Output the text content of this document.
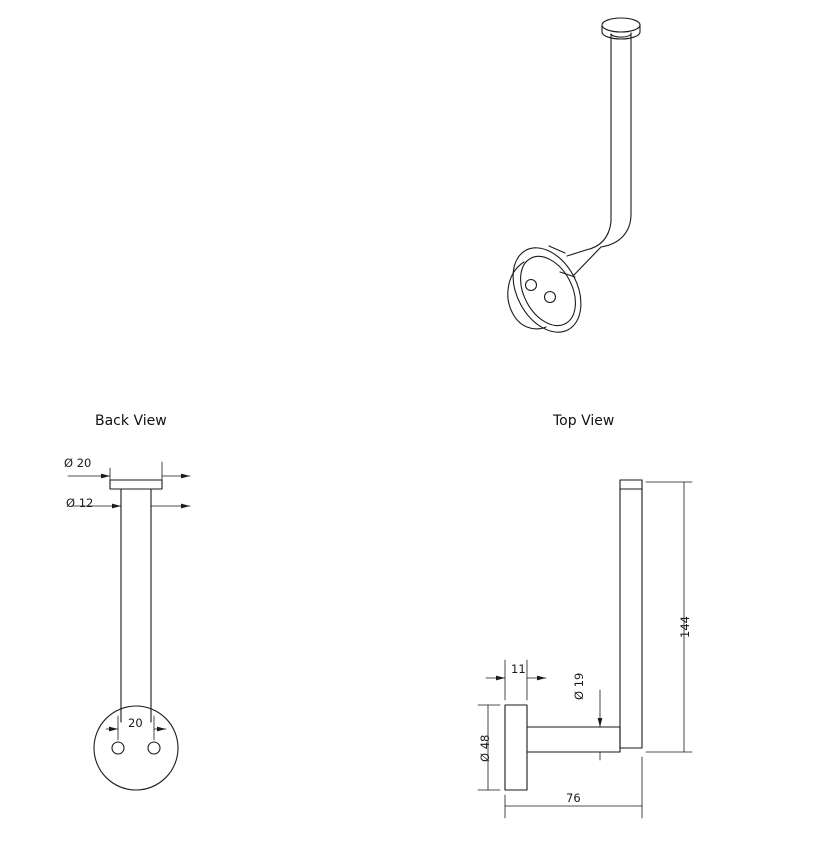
Back View	Top View
Ø 20
Ø 12
20
11
Ø 19
Ø 48
144
76
